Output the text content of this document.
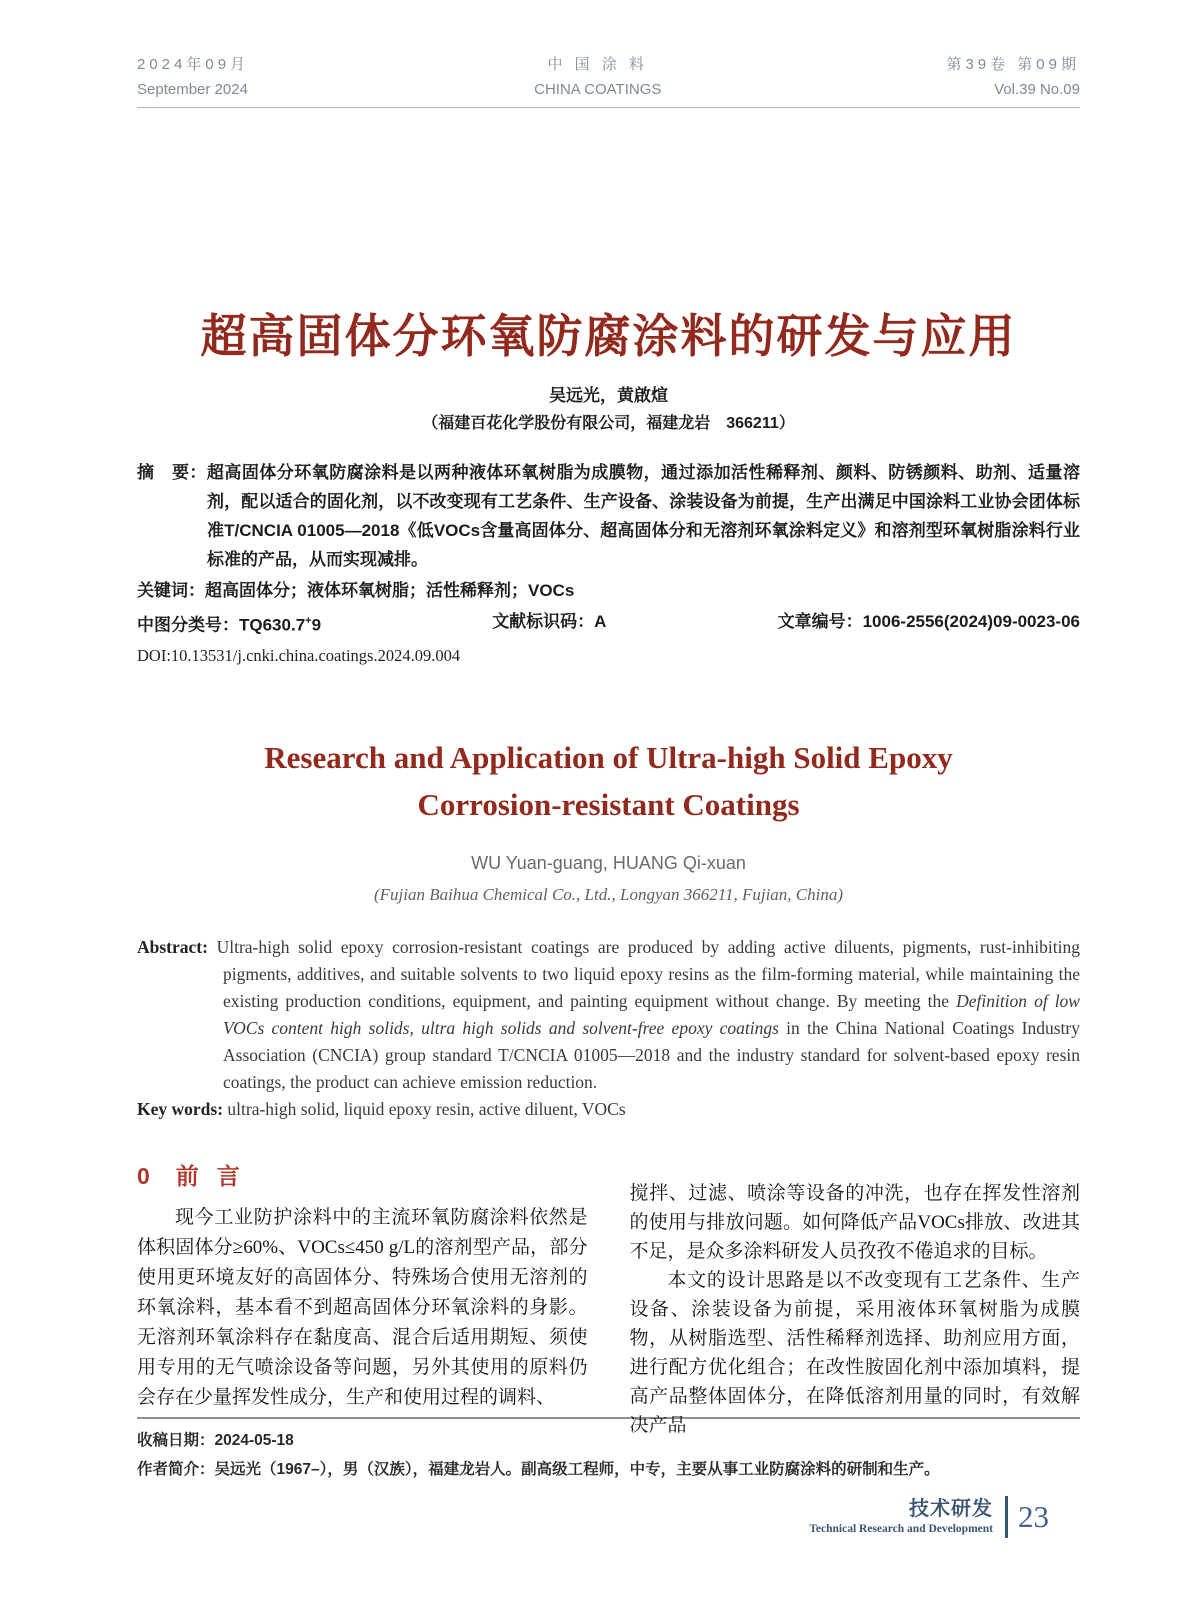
2024年09月
September 2024
中 国 涂 料
CHINA COATINGS
第39卷 第09期
Vol.39 No.09
超高固体分环氧防腐涂料的研发与应用
吴远光，黄啟煊
（福建百花化学股份有限公司，福建龙岩　366211）

摘　要：超高固体分环氧防腐涂料是以两种液体环氧树脂为成膜物，通过添加活性稀释剂、颜料、防锈颜料、助剂、适量溶剂，配以适合的固化剂，以不改变现有工艺条件、生产设备、涂装设备为前提，生产出满足中国涂料工业协会团体标准T/CNCIA 01005—2018《低VOCs含量高固体分、超高固体分和无溶剂环氧涂料定义》和溶剂型环氧树脂涂料行业标准的产品，从而实现减排。

关键词：超高固体分；液体环氧树脂；活性稀释剂；VOCs

中图分类号：TQ630.7+9	文献标识码：A	文章编号：1006-2556(2024)09-0023-06
DOI:10.13531/j.cnki.china.coatings.2024.09.004
Research and Application of Ultra-high Solid Epoxy
Corrosion-resistant Coatings
WU Yuan-guang, HUANG Qi-xuan
(Fujian Baihua Chemical Co., Ltd., Longyan 366211, Fujian, China)

Abstract: Ultra-high solid epoxy corrosion-resistant coatings are produced by adding active diluents, pigments, rust-inhibiting pigments, additives, and suitable solvents to two liquid epoxy resins as the film-forming material, while maintaining the existing production conditions, equipment, and painting equipment without change. By meeting the Definition of low VOCs content high solids, ultra high solids and solvent-free epoxy coatings in the China National Coatings Industry Association (CNCIA) group standard T/CNCIA 01005—2018 and the industry standard for solvent-based epoxy resin coatings, the product can achieve emission reduction.

Key words: ultra-high solid, liquid epoxy resin, active diluent, VOCs

0 前言

现今工业防护涂料中的主流环氧防腐涂料依然是体积固体分≥60%、VOCs≤450 g/L的溶剂型产品，部分使用更环境友好的高固体分、特殊场合使用无溶剂的环氧涂料，基本看不到超高固体分环氧涂料的身影。无溶剂环氧涂料存在黏度高、混合后适用期短、须使用专用的无气喷涂设备等问题，另外其使用的原料仍会存在少量挥发性成分，生产和使用过程的调料、

搅拌、过滤、喷涂等设备的冲洗，也存在挥发性溶剂的使用与排放问题。如何降低产品VOCs排放、改进其不足，是众多涂料研发人员孜孜不倦追求的目标。

本文的设计思路是以不改变现有工艺条件、生产设备、涂装设备为前提，采用液体环氧树脂为成膜物，从树脂选型、活性稀释剂选择、助剂应用方面，进行配方优化组合；在改性胺固化剂中添加填料，提高产品整体固体分，在降低溶剂用量的同时，有效解决产品

收稿日期：2024-05-18
作者简介：吴远光（1967–），男（汉族），福建龙岩人。副高级工程师，中专，主要从事工业防腐涂料的研制和生产。
技术研发
Technical Research and Development 23
